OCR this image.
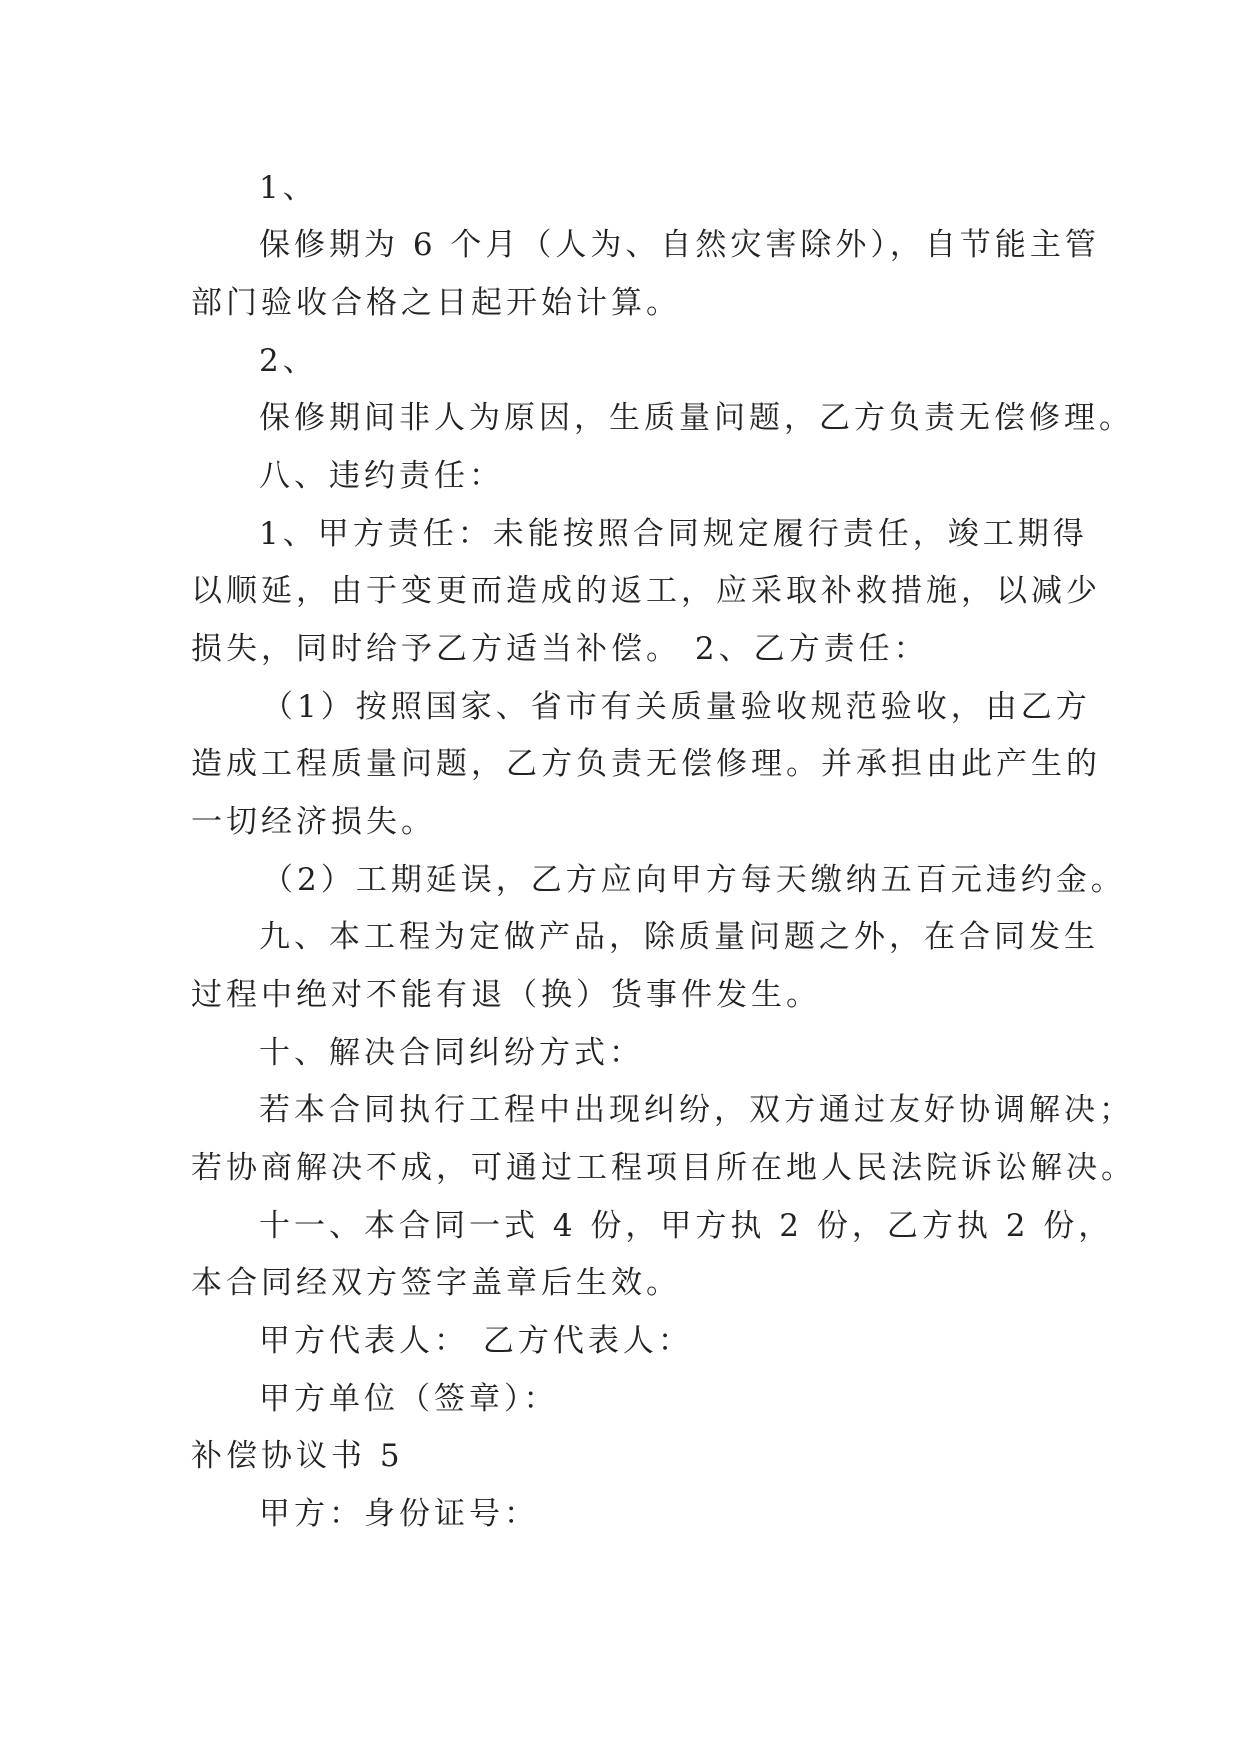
1、
保修期为 6 个月（人为、自然灾害除外），自节能主管
部门验收合格之日起开始计算。
2、
保修期间非人为原因，生质量问题，乙方负责无偿修理。
八、违约责任：
1、甲方责任：未能按照合同规定履行责任，竣工期得
以顺延，由于变更而造成的返工，应采取补救措施，以减少
损失，同时给予乙方适当补偿。 2、乙方责任：
（1）按照国家、省市有关质量验收规范验收，由乙方
造成工程质量问题，乙方负责无偿修理。并承担由此产生的
一切经济损失。
（2）工期延误，乙方应向甲方每天缴纳五百元违约金。
九、本工程为定做产品，除质量问题之外，在合同发生
过程中绝对不能有退（换）货事件发生。
十、解决合同纠纷方式：
若本合同执行工程中出现纠纷，双方通过友好协调解决；
若协商解决不成，可通过工程项目所在地人民法院诉讼解决。
十一、本合同一式 4 份，甲方执 2 份，乙方执 2 份，
本合同经双方签字盖章后生效。
甲方代表人： 乙方代表人：
甲方单位（签章）：
补偿协议书 5
甲方：身份证号：
